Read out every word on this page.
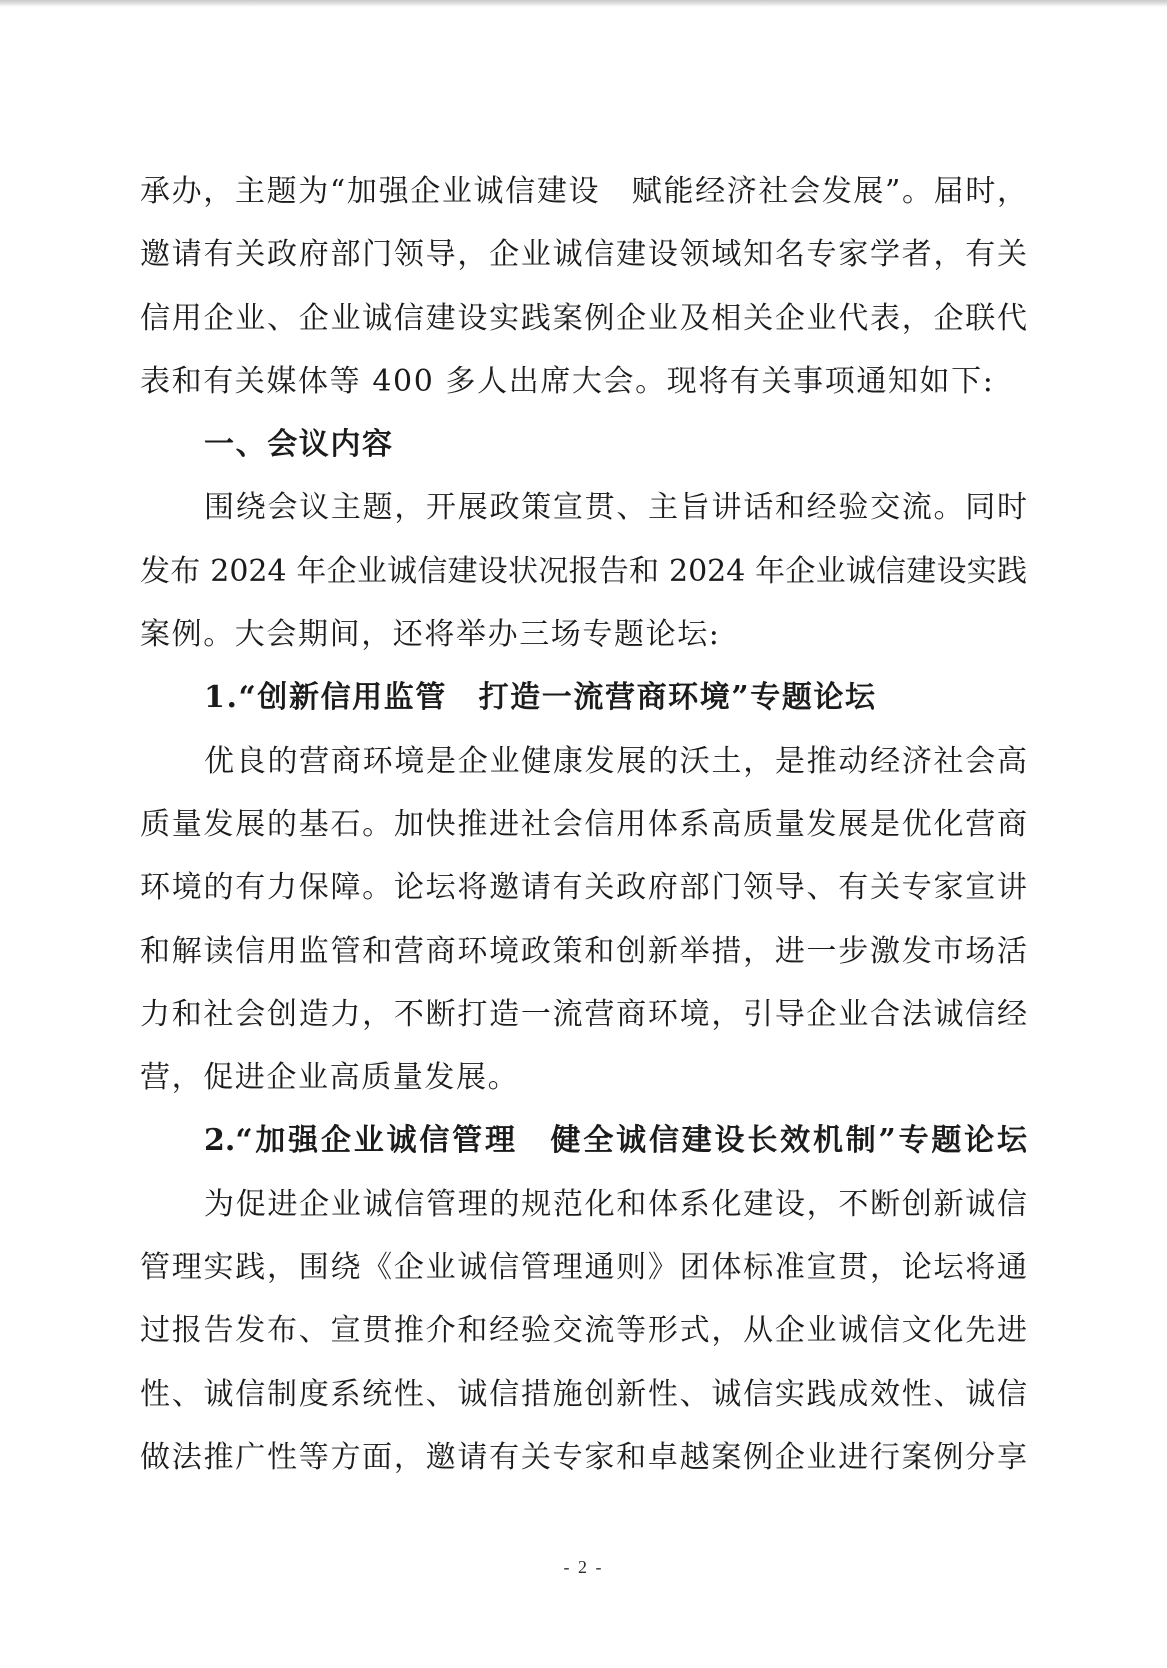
承办，主题为“加强企业诚信建设　赋能经济社会发展”。届时，
邀请有关政府部门领导，企业诚信建设领域知名专家学者，有关
信用企业、企业诚信建设实践案例企业及相关企业代表，企联代
表和有关媒体等 400 多人出席大会。现将有关事项通知如下:
一、会议内容
围绕会议主题，开展政策宣贯、主旨讲话和经验交流。同时
发布 2024 年企业诚信建设状况报告和 2024 年企业诚信建设实践
案例。大会期间，还将举办三场专题论坛:
1.“创新信用监管　打造一流营商环境”专题论坛
优良的营商环境是企业健康发展的沃土，是推动经济社会高
质量发展的基石。加快推进社会信用体系高质量发展是优化营商
环境的有力保障。论坛将邀请有关政府部门领导、有关专家宣讲
和解读信用监管和营商环境政策和创新举措，进一步激发市场活
力和社会创造力，不断打造一流营商环境，引导企业合法诚信经
营，促进企业高质量发展。
2.“加强企业诚信管理　健全诚信建设长效机制”专题论坛
为促进企业诚信管理的规范化和体系化建设，不断创新诚信
管理实践，围绕《企业诚信管理通则》团体标准宣贯，论坛将通
过报告发布、宣贯推介和经验交流等形式，从企业诚信文化先进
性、诚信制度系统性、诚信措施创新性、诚信实践成效性、诚信
做法推广性等方面，邀请有关专家和卓越案例企业进行案例分享
- 2 -
